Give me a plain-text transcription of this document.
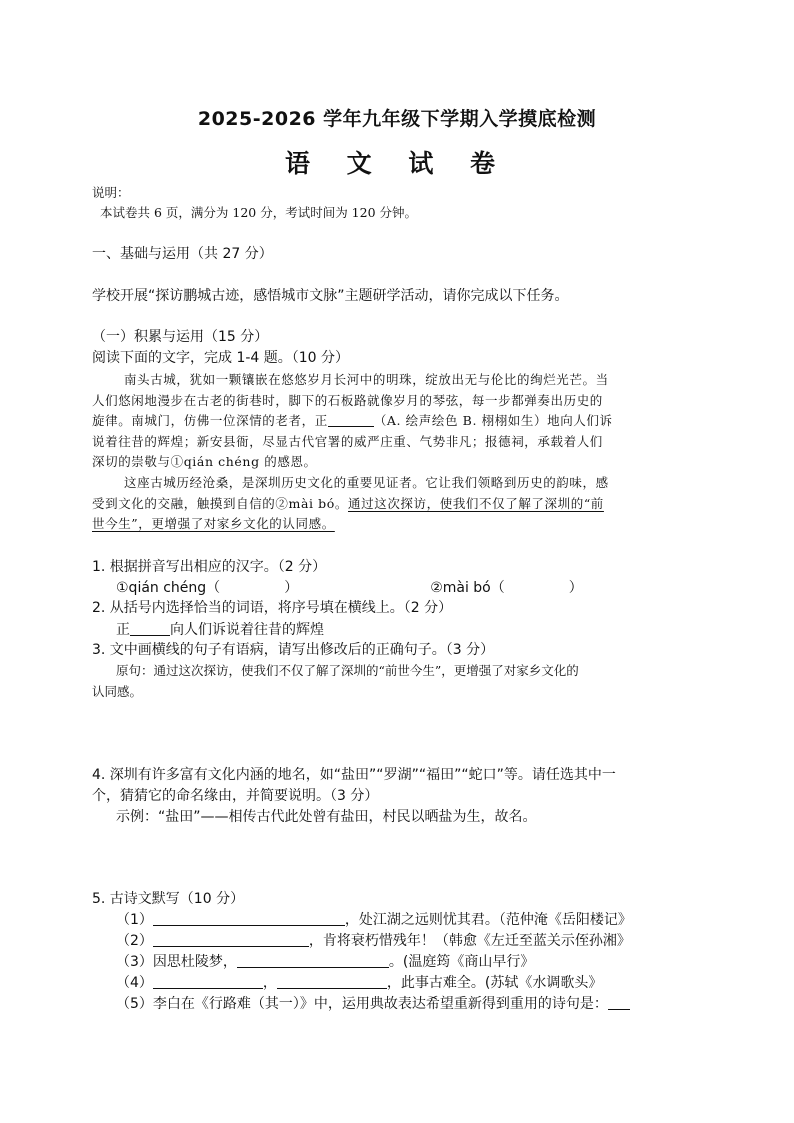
2025-2026 学年九年级下学期入学摸底检测
语 文 试 卷
说明：
本试卷共 6 页，满分为 120 分，考试时间为 120 分钟。
一、基础与运用（共 27 分）
学校开展“探访鹏城古迹，感悟城市文脉”主题研学活动，请你完成以下任务。
（一）积累与运用（15 分）
阅读下面的文字，完成 1-4 题。（10 分）
南头古城，犹如一颗镶嵌在悠悠岁月长河中的明珠，绽放出无与伦比的绚烂光芒。当
人们悠闲地漫步在古老的街巷时，脚下的石板路就像岁月的琴弦，每一步都弹奏出历史的
旋律。南城门，仿佛一位深情的老者，正	（A. 绘声绘色 B. 栩栩如生）地向人们诉
说着往昔的辉煌；新安县衙，尽显古代官署的威严庄重、气势非凡；报德祠，承载着人们
深切的崇敬与①qián chéng 的感恩。
这座古城历经沧桑，是深圳历史文化的重要见证者。它让我们领略到历史的韵味，感
受到文化的交融，触摸到自信的②mài bó。通过这次探访，使我们不仅了解了深圳的“前
世今生”，更增强了对家乡文化的认同感。
1. 根据拼音写出相应的汉字。（2 分）
①qián chéng（	）	②mài bó（	）
2. 从括号内选择恰当的词语，将序号填在横线上。（2 分）
正	向人们诉说着往昔的辉煌
3. 文中画横线的句子有语病，请写出修改后的正确句子。（3 分）
原句：通过这次探访，使我们不仅了解了深圳的“前世今生”，更增强了对家乡文化的
认同感。
4. 深圳有许多富有文化内涵的地名，如“盐田”“罗湖”“福田”“蛇口”等。请任选其中一
个，猜猜它的命名缘由，并简要说明。（3 分）
示例：“盐田”——相传古代此处曾有盐田，村民以晒盐为生，故名。
5. 古诗文默写（10 分）
（1）	，处江湖之远则忧其君。（范仲淹《岳阳楼记》
（2）	，肯将衰朽惜残年！（韩愈《左迁至蓝关示侄孙湘》
（3）因思杜陵梦，	。(温庭筠《商山早行》
（4）	，	，此事古难全。(苏轼《水调歌头》
（5）李白在《行路难（其一）》中，运用典故表达希望重新得到重用的诗句是：
